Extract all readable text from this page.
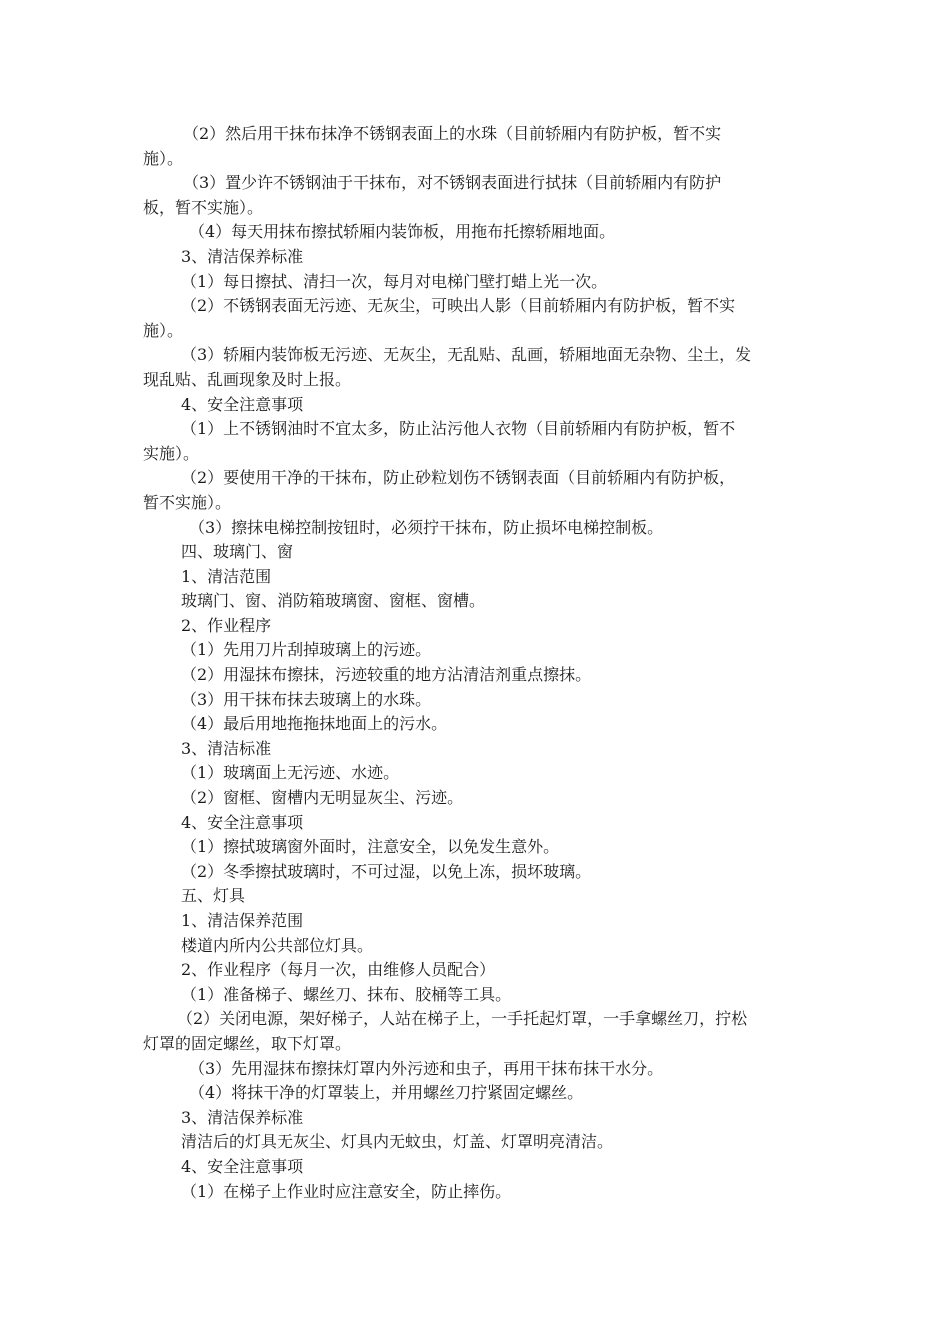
（2）然后用干抹布抹净不锈钢表面上的水珠（目前轿厢内有防护板，暂不实
施）。
（3）置少许不锈钢油于干抹布，对不锈钢表面进行拭抹（目前轿厢内有防护
板，暂不实施）。
（4）每天用抹布擦拭轿厢内装饰板，用拖布托擦轿厢地面。
3、清洁保养标准
（1）每日擦拭、清扫一次，每月对电梯门壁打蜡上光一次。
（2）不锈钢表面无污迹、无灰尘，可映出人影（目前轿厢内有防护板，暂不实
施）。
（3）轿厢内装饰板无污迹、无灰尘，无乱贴、乱画，轿厢地面无杂物、尘土，发
现乱贴、乱画现象及时上报。
4、安全注意事项
（1）上不锈钢油时不宜太多，防止沾污他人衣物（目前轿厢内有防护板，暂不
实施）。
（2）要使用干净的干抹布，防止砂粒划伤不锈钢表面（目前轿厢内有防护板，
暂不实施）。
（3）擦抹电梯控制按钮时，必须拧干抹布，防止损坏电梯控制板。
四、玻璃门、窗
1、清洁范围
玻璃门、窗、消防箱玻璃窗、窗框、窗槽。
2、作业程序
（1）先用刀片刮掉玻璃上的污迹。
（2）用湿抹布擦抹，污迹较重的地方沾清洁剂重点擦抹。
（3）用干抹布抹去玻璃上的水珠。
（4）最后用地拖拖抹地面上的污水。
3、清洁标准
（1）玻璃面上无污迹、水迹。
（2）窗框、窗槽内无明显灰尘、污迹。
4、安全注意事项
（1）擦拭玻璃窗外面时，注意安全，以免发生意外。
（2）冬季擦拭玻璃时，不可过湿，以免上冻，损坏玻璃。
五、灯具
1、清洁保养范围
楼道内所内公共部位灯具。
2、作业程序（每月一次，由维修人员配合）
（1）准备梯子、螺丝刀、抹布、胶桶等工具。
（2）关闭电源，架好梯子，人站在梯子上，一手托起灯罩，一手拿螺丝刀，拧松
灯罩的固定螺丝，取下灯罩。
（3）先用湿抹布擦抹灯罩内外污迹和虫子，再用干抹布抹干水分。
（4）将抹干净的灯罩装上，并用螺丝刀拧紧固定螺丝。
3、清洁保养标准
清洁后的灯具无灰尘、灯具内无蚊虫，灯盖、灯罩明亮清洁。
4、安全注意事项
（1）在梯子上作业时应注意安全，防止摔伤。
